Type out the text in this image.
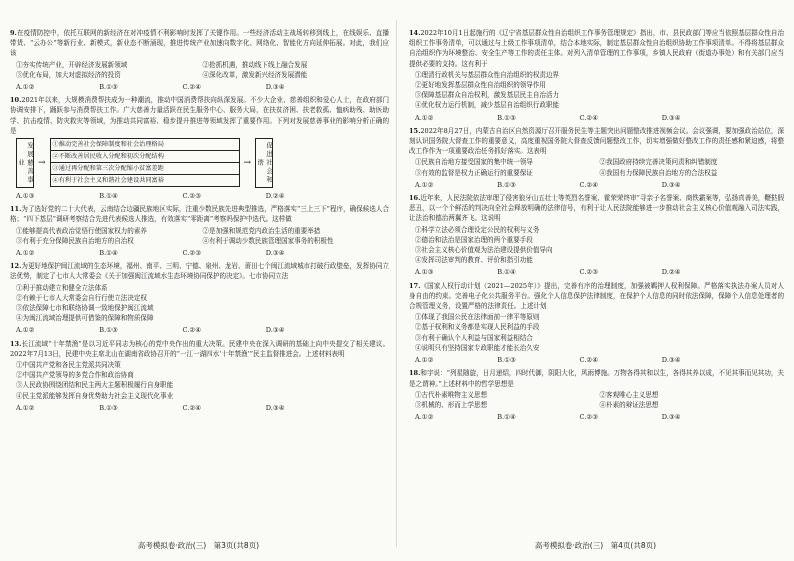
9.在疫情防控中，依托互联网的新经济在对冲疫情不利影响时发挥了关键作用。一些经济活动主战场转移到线上，在线娱乐、直播带货、“云办公”等新行业、新模式，新业态不断涌现，推进传统产业加速向数字化、网络化、智能化方向延伸拓展。对此，我们应该

①夯实传统产业，开辟经济发展新领域	②抢抓机遇，推动线下线上融合发展
③优化布局，加大对虚拟经济的投资	④深化改革，激发新兴经济发展潜能
A.①②	B.①③	C.②④	D.③④

10.2021年以来，大规模消费帮扶成为一种潮流，推动中国消费帮扶向纵深发展。不少大企业、慈善组织和爱心人士，在政府部门协调安排下，踊跃参与消费帮扶工作。广大慈善力量活跃在民生服务中心、服务大局，在扶贫济困、扶老救孤、恤病助残、助医助学、抗击疫情、防灾救灾等领域，为推动共同富裕、稳步提升推进等领域发挥了重要作用。下列对发展慈善事业的影响分析正确的是

发展慈善事业	→
①推动完善社会保障制度和社会治理格局
②不断改善居民收入分配和初次分配结构
③通过再分配和第三次分配缩小贫富差距
④有利于社会主义和谐社会建设共同富裕
→	促进社会和谐
A.①③	B.①④	C.②③	D.②④

11.为了选好党的二十大代表，云南结合边疆民族地区实际，注重少数民族先进典型推选，严格落实“三上三下”程序，确保候选人合格；“四下基层”调研考察结合先进代表候选人推选，有效落实“零距离”考察吗保护中选代。这样做

①能够提高代表政治觉悟行使国家权力的素养	②是加强和规范党内政治生活的重要举措
③有利于充分保障民族自治地方的自治权	④有利于调动少数民族管理国家事务的积极性
A.①②	B.①④	C.②③	D.③④

12.为更好地保护闽江流域的生态环境，福州、南平、三明、宁德、泉州、龙岩、莆田七个闽江流域城市打破行政壁垒，发挥协同立法优势，制定了七市人大常委会《关于加强闽江流域水生态环境协同保护的决定》。七市协同立法

①利于推动建立和健全立法体系
②有赖于七市人大常委会自行行使立法决定权
③依法保障七市和联络协调一致地保护闽江流域
④为闽江流域治理提供可借鉴的保障和物质保障
A.①②	B.①③	C.②④	D.③④

13.长江流域“十年禁渔”是以习近平同志为核心的党中央作出的重大决策。民建中央在深入调研的基础上向中央提交了相关建议。2022年7月13日，民建中央主席北山在湖南省政协召开的“一江一湖四水‘十年禁渔’”民主监督推进会。上述材料表明

①中国共产党和各民主党派共同决策
②中国共产党领导的多党合作和政治协商
③人民政协围绕团结和民主两大主题积极履行自身职能
④民主党派能够发挥自身优势助力社会主义现代化事业
A.①②	B.①③	C.②④	D.③④
高考模拟卷·政治(三)　第3页(共8页)

14.2022年10月1日起施行的《辽宁省基层群众性自治组织工作事务管理规定》指出，市、县民政部门等应当依照基层群众性自治组织工作事务清单，可以通过与上级工作事项清单，结合本地实际，制定基层群众性自治组织协助工作事项清单。不得将基层群众自治组织作为环境整治、安全生产等工作的责任主体。对列入清单管理的工作事项，乡镇人民政府（街道办事处）和有关部门应当提供必要的支持。这有利于

①理清行政机关与基层群众性自治组织的权责边界
②更好地发挥基层群众性自治组织的领导作用
③保障基层群众自治权利，激发基层民主自治活力
④优化权力运行机制，减少基层自治组织行政职能
A.①②	B.①③	C.②④	D.③④

15.2022年8月27日，内蒙古自治区自然资源厅召开服务民生等主题突出问题整改推进视频会议。会议强调，要加强政治站位，深刻认识国务院大督查工作的重要意义，高度重视国务院大督查反馈问题整改工作，切实增强做好整改工作的责任感和紧迫感，将整改工作作为一项重要政治任务抓好落实。这表明

①民族自治地方接受国家的集中统一领导	②我国政府持续完善决策问责和纠错制度
③有效的监督是权力正确运行的重要保证	④我国有力保障民族自治地方的合法权益
A.①②	B.①③	C.②④	D.③④

16.近年来，人民法院依法审理了侵害狼牙山五壮士等英烈名誉案、霍荣荣终审“寻亲子名誉案、商铁霸案等，弘扬真善美，鞭挞假恶丑，以一个个鲜活的判决向全社会释放明确的法律信号，有利于让人民法院能够进一步推动社会主义核心价值观融入司法实践，让法治和德治两翼齐飞。这说明

①科学立法必须合理设定公民的权利与义务
②德治和法治是国家治理的两个重要手段
③社会主义核心价值观为法治建设提供价值导向
④发挥司法审判的教育、评价和指引功能
A.①③	B.①④	C.②③	D.②④

17.《国家人权行动计划（2021—2025年）》提出，完善有序的治理制度，加强被羁押人权利保障。严格落实执法办案人员对人身自由的约束。完善电子化公共服务平台。强化个人信息保护法律制度，在保护个人信息的同时依法保障，保障个人信息处理者的合规管理义务，设置严格的法律责任。上述计划

①体现了我国公民在法律面前一律平等原则
②基于权利和义务都是实现人民利益的手段
③有利于确认个人利益与国家利益相结合
④说明只有坚持国家专政职能才能长治久安
A.①②	B.①③	C.②④	D.③④

18.和宇说：“列星随旋，日月递炤，四时代御，阴阳大化，风雨博施。万物各得其和以生，各得其养以成，不见其事而见其功，夫是之谓神。”上述材料中的哲学思想是

①古代朴素唯物主义思想	②客观唯心主义思想
③机械的、形而上学思想	④朴素的辩证法思想
A.①②	B.①④	C.②③	D.③④
高考模拟卷·政治(三)　第4页(共8页)
